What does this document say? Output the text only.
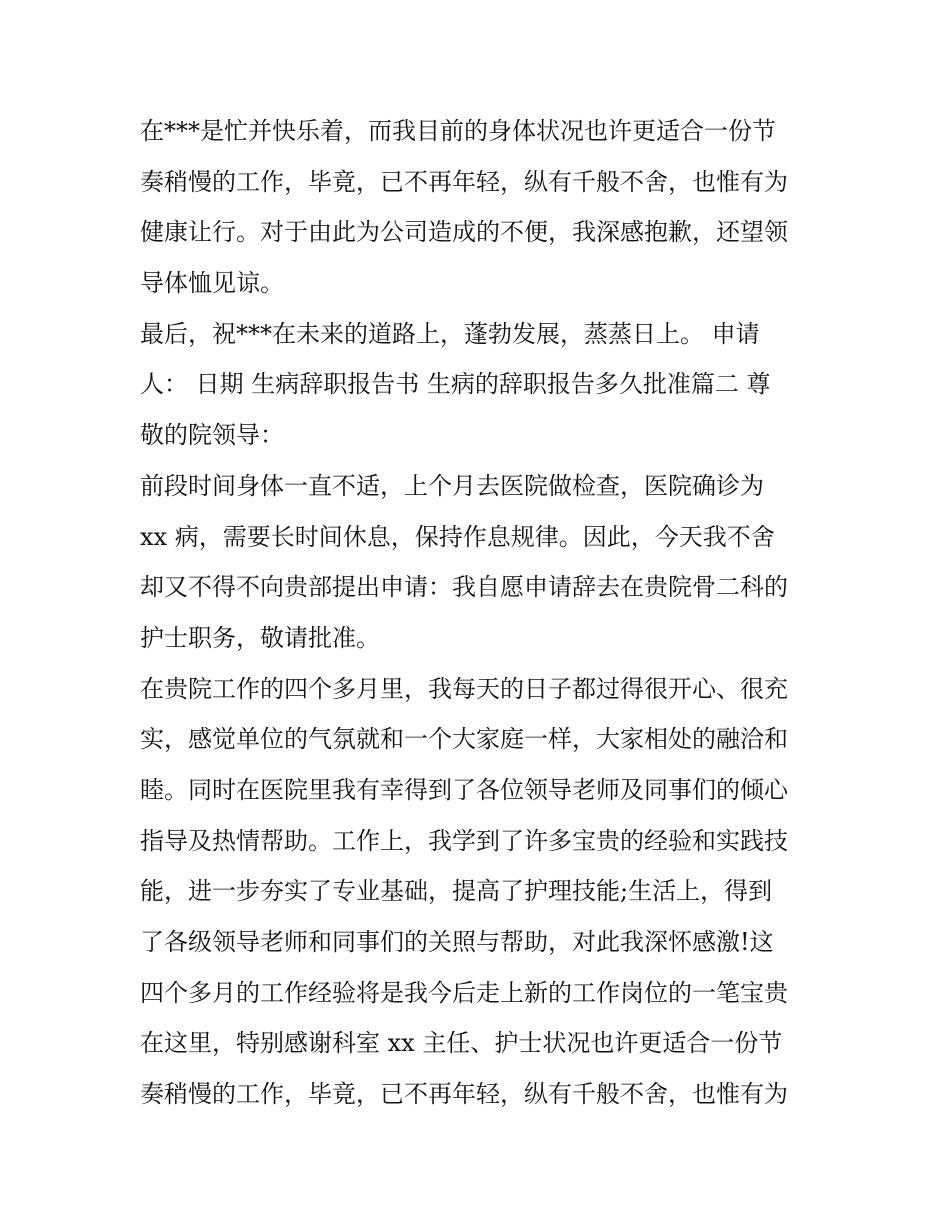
在***是忙并快乐着，而我目前的身体状况也许更适合一份节
奏稍慢的工作，毕竟，已不再年轻，纵有千般不舍，也惟有为
健康让行。对于由此为公司造成的不便，我深感抱歉，还望领
导体恤见谅。
最后，祝***在未来的道路上，蓬勃发展，蒸蒸日上。 申请
人： 日期 生病辞职报告书 生病的辞职报告多久批准篇二 尊
敬的院领导：
前段时间身体一直不适，上个月去医院做检查，医院确诊为
xx 病，需要长时间休息，保持作息规律。因此，今天我不舍
却又不得不向贵部提出申请：我自愿申请辞去在贵院骨二科的
护士职务，敬请批准。
在贵院工作的四个多月里，我每天的日子都过得很开心、很充
实，感觉单位的气氛就和一个大家庭一样，大家相处的融洽和
睦。同时在医院里我有幸得到了各位领导老师及同事们的倾心
指导及热情帮助。工作上，我学到了许多宝贵的经验和实践技
能，进一步夯实了专业基础，提高了护理技能;生活上，得到
了各级领导老师和同事们的关照与帮助，对此我深怀感激!这
四个多月的工作经验将是我今后走上新的工作岗位的一笔宝贵
在这里，特别感谢科室 xx 主任、护士状况也许更适合一份节
奏稍慢的工作，毕竟，已不再年轻，纵有千般不舍，也惟有为
